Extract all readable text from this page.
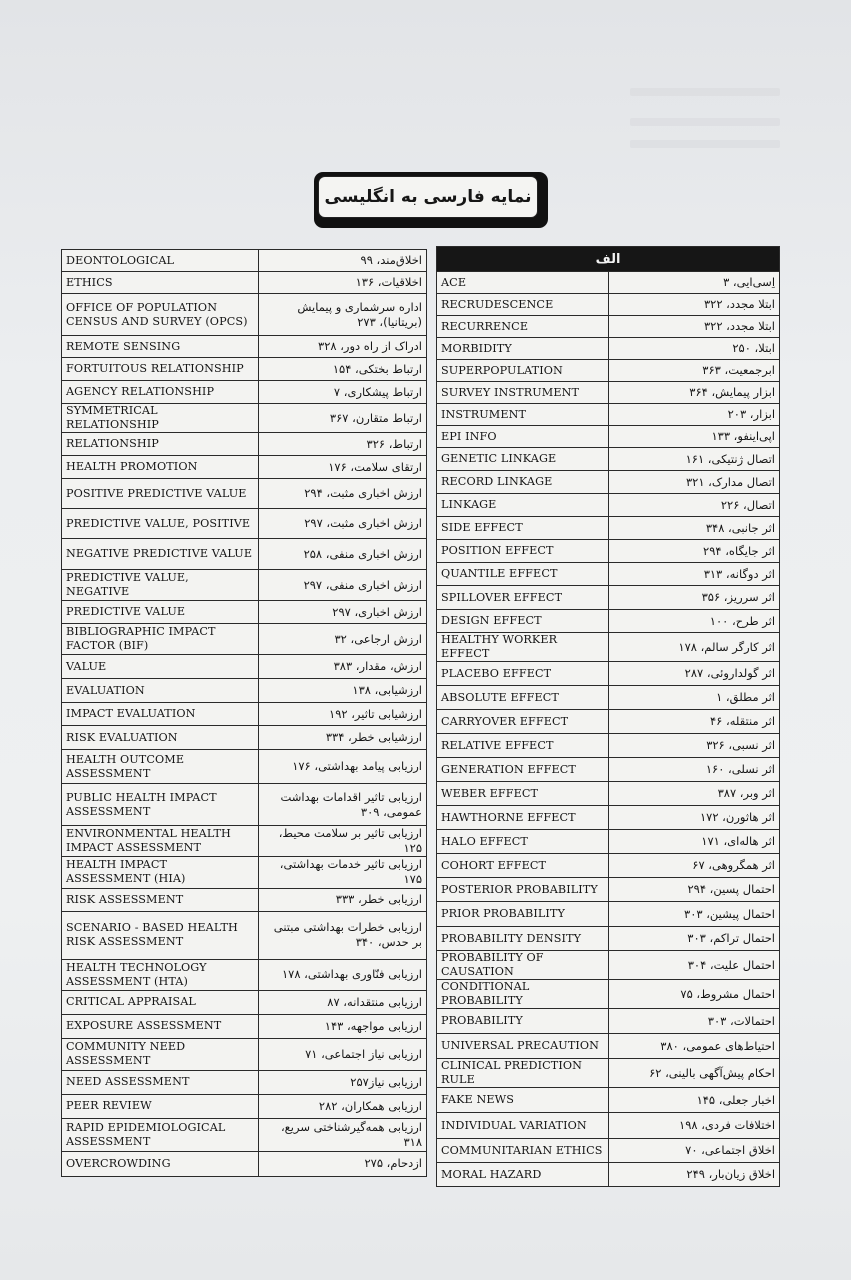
نمایه فارسی به انگلیسی
الف	
ACE	اِسی‌ایی، ۳
RECRUDESCENCE	ابتلا مجدد، ۳۲۲
RECURRENCE	ابتلا مجدد، ۳۲۲
MORBIDITY	ابتلا، ۲۵۰
SUPERPOPULATION	ابرجمعیت، ۳۶۳
SURVEY INSTRUMENT	ابزار پیمایش، ۳۶۴
INSTRUMENT	ابزار، ۲۰۳
EPI INFO	اپی‌اینفو، ۱۳۳
GENETIC LINKAGE	اتصال ژنتیکی، ۱۶۱
RECORD LINKAGE	اتصال مدارک، ۳۲۱
LINKAGE	اتصال، ۲۲۶
SIDE EFFECT	اثر جانبی، ۳۴۸
POSITION EFFECT	اثر جایگاه، ۲۹۴
QUANTILE EFFECT	اثر دوگانه، ۳۱۳
SPILLOVER EFFECT	اثر سرریز، ۳۵۶
DESIGN EFFECT	اثر طرح، ۱۰۰
HEALTHY WORKER EFFECT	اثر کارگر سالم، ۱۷۸
PLACEBO EFFECT	اثر گولداروئی، ۲۸۷
ABSOLUTE EFFECT	اثر مطلق، ۱
CARRYOVER EFFECT	اثر منتقله، ۴۶
RELATIVE EFFECT	اثر نسبی، ۳۲۶
GENERATION EFFECT	اثر نسلی، ۱۶۰
WEBER EFFECT	اثر وبر، ۳۸۷
HAWTHORNE EFFECT	اثر هاثورن، ۱۷۲
HALO EFFECT	اثر هاله‌ای، ۱۷۱
COHORT EFFECT	اثر همگروهی، ۶۷
POSTERIOR PROBABILITY	احتمال پسین، ۲۹۴
PRIOR PROBABILITY	احتمال پیشین، ۳۰۳
PROBABILITY DENSITY	احتمال تراکم، ۳۰۳
PROBABILITY OF CAUSATION	احتمال علیت، ۳۰۴
CONDITIONAL PROBABILITY	احتمال مشروط، ۷۵
PROBABILITY	احتمالات، ۳۰۳
UNIVERSAL PRECAUTION	احتیاط‌های عمومی، ۳۸۰
CLINICAL PREDICTION RULE	احکام پیش‌آگهی بالینی، ۶۲
FAKE NEWS	اخبار جعلی، ۱۴۵
INDIVIDUAL VARIATION	اختلافات فردی، ۱۹۸
COMMUNITARIAN ETHICS	اخلاق اجتماعی، ۷۰
MORAL HAZARD	اخلاق زیان‌بار، ۲۴۹
DEONTOLOGICAL	اخلاق‌مند، ۹۹
ETHICS	اخلاقیات، ۱۳۶
OFFICE OF POPULATION CENSUS AND SURVEY (OPCS)	اداره سرشماری و پیمایش (بریتانیا)، ۲۷۳
REMOTE SENSING	ادراک از راه دور، ۳۲۸
FORTUITOUS RELATIONSHIP	ارتباط بختکی، ۱۵۴
AGENCY RELATIONSHIP	ارتباط پیشکاری، ۷
SYMMETRICAL RELATIONSHIP	ارتباط متقارن، ۳۶۷
RELATIONSHIP	ارتباط، ۳۲۶
HEALTH PROMOTION	ارتقای سلامت، ۱۷۶
POSITIVE PREDICTIVE VALUE	ارزش اخباری مثبت، ۲۹۴
PREDICTIVE VALUE, POSITIVE	ارزش اخباری مثبت، ۲۹۷
NEGATIVE PREDICTIVE VALUE	ارزش اخباری منفی، ۲۵۸
PREDICTIVE VALUE, NEGATIVE	ارزش اخباری منفی، ۲۹۷
PREDICTIVE VALUE	ارزش اخباری، ۲۹۷
BIBLIOGRAPHIC IMPACT FACTOR (BIF)	ارزش ارجاعی، ۳۲
VALUE	ارزش، مقدار، ۳۸۳
EVALUATION	ارزشیابی، ۱۳۸
IMPACT EVALUATION	ارزشیابی تاثیر، ۱۹۲
RISK EVALUATION	ارزشیابی خطر، ۳۳۴
HEALTH OUTCOME ASSESSMENT	ارزیابی پیامد بهداشتی، ۱۷۶
PUBLIC HEALTH IMPACT ASSESSMENT	ارزیابی تاثیر اقدامات بهداشت عمومی، ۳۰۹
ENVIRONMENTAL HEALTH IMPACT ASSESSMENT	ارزیابی تاثیر بر سلامت محیط، ۱۲۵
HEALTH IMPACT ASSESSMENT (HIA)	ارزیابی تاثیر خدمات بهداشتی، ۱۷۵
RISK ASSESSMENT	ارزیابی خطر، ۳۳۳
SCENARIO - BASED HEALTH RISK ASSESSMENT	ارزیابی خطرات بهداشتی مبتنی بر حدس، ۳۴۰
HEALTH TECHNOLOGY ASSESSMENT (HTA)	ارزیابی فنّاوری بهداشتی، ۱۷۸
CRITICAL APPRAISAL	ارزیابی منتقدانه، ۸۷
EXPOSURE ASSESSMENT	ارزیابی مواجهه، ۱۴۳
COMMUNITY NEED ASSESSMENT	ارزیابی نیاز اجتماعی، ۷۱
NEED ASSESSMENT	ارزیابی نیاز۲۵۷
PEER REVIEW	ارزیابی همکاران، ۲۸۲
RAPID EPIDEMIOLOGICAL ASSESSMENT	ارزیابی همه‌گیرشناختی سریع، ۳۱۸
OVERCROWDING	ازدحام، ۲۷۵
